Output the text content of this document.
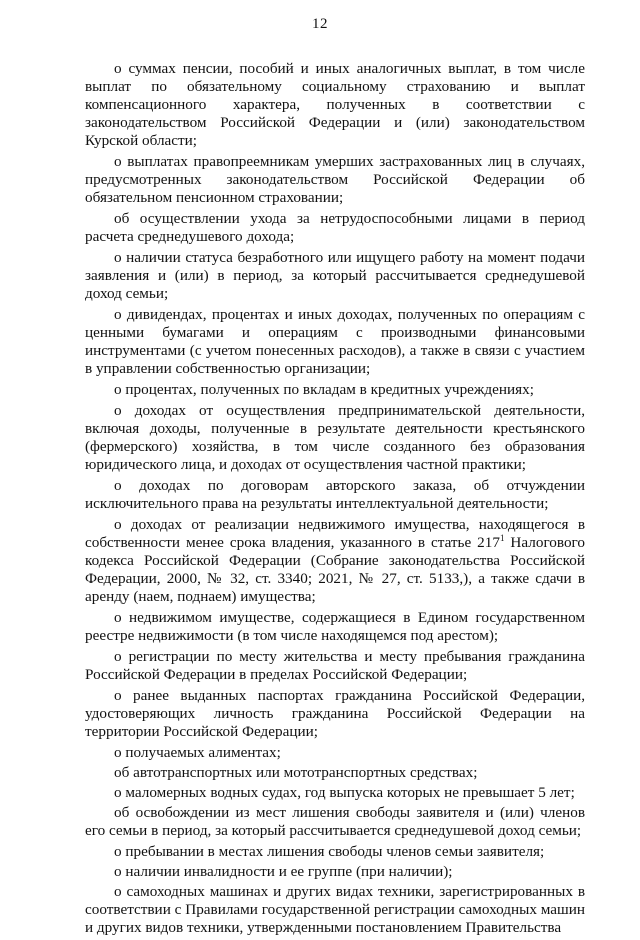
12

о суммах пенсии, пособий и иных аналогичных выплат, в том числе выплат по обязательному социальному страхованию и выплат компенсационного характера, полученных в соответствии с законодательством Российской Федерации и (или) законодательством Курской области;

о выплатах правопреемникам умерших застрахованных лиц в случаях, предусмотренных законодательством Российской Федерации об обязательном пенсионном страховании;

об осуществлении ухода за нетрудоспособными лицами в период расчета среднедушевого дохода;

о наличии статуса безработного или ищущего работу на момент подачи заявления и (или) в период, за который рассчитывается среднедушевой доход семьи;

о дивидендах, процентах и иных доходах, полученных по операциям с ценными бумагами и операциям с производными финансовыми инструментами (с учетом понесенных расходов), а также в связи с участием в управлении собственностью организации;

о процентах, полученных по вкладам в кредитных учреждениях;

о доходах от осуществления предпринимательской деятельности, включая доходы, полученные в результате деятельности крестьянского (фермерского) хозяйства, в том числе созданного без образования юридического лица, и доходах от осуществления частной практики;

о доходах по договорам авторского заказа, об отчуждении исключительного права на результаты интеллектуальной деятельности;

о доходах от реализации недвижимого имущества, находящегося в собственности менее срока владения, указанного в статье $217^1$ Налогового кодекса Российской Федерации (Собрание законодательства Российской Федерации, 2000, № 32, ст. 3340; 2021, № 27, ст. 5133,), а также сдачи в аренду (наем, поднаем) имущества;

о недвижимом имуществе, содержащиеся в Едином государственном реестре недвижимости (в том числе находящемся под арестом);

о регистрации по месту жительства и месту пребывания гражданина Российской Федерации в пределах Российской Федерации;

о ранее выданных паспортах гражданина Российской Федерации, удостоверяющих личность гражданина Российской Федерации на территории Российской Федерации;

о получаемых алиментах;

об автотранспортных или мототранспортных средствах;

о маломерных водных судах, год выпуска которых не превышает 5 лет;

об освобождении из мест лишения свободы заявителя и (или) членов его семьи в период, за который рассчитывается среднедушевой доход семьи;

о пребывании в местах лишения свободы членов семьи заявителя;

о наличии инвалидности и ее группе (при наличии);

о самоходных машинах и других видах техники, зарегистрированных в соответствии с Правилами государственной регистрации самоходных машин и других видов техники, утвержденными постановлением Правительства
